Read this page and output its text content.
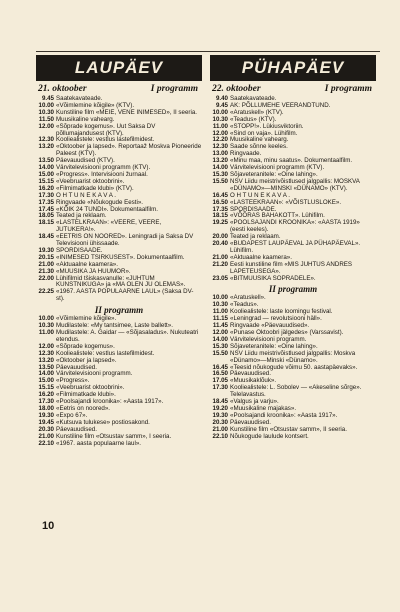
LAUPÄEV
21. oktoober	I programm
9.45 Saatekavateade.
10.00 «Võimlemine kõigile» (KTV).
10.30 Kunstiline film «MEIE, VENE INIMESED», II seeria.
11.50 Muusikaline vahearg.
12.00 «Sõprade kogemus». Uut Saksa DV põllumajandusest (KTV).
12.30 Kooliealistele: vestlus lastefilmidest.
13.20 «Oktoober ja lapsed». Reportaaž Moskva Pioneeride Paleest (KTV).
13.50 Päevauudised (KTV).
14.00 Värvitelevisiooni programm (KTV).
15.00 «Progress». Intervisiooni žurnaal.
15.15 «Veebruarist oktoobrini».
16.20 «Filmimatkade klubi» (KTV).
17.30 O H T U N E K A V A .
17.35 Ringvaade «Nõukogude Eesti».
17.45 «KÕIK 24 TUNDI». Dokumentaalfilm.
18.05 Teated ja reklaam.
18.15 «LASTELKRAAN»: «VEERE, VEERE, JUTUKERA!».
18.45 «EETRIS ON NOORED». Leningradi ja Saksa DV Televisiooni ühissaade.
19.30 SPORDISAADE.
20.15 «INIMESED TSIRKUSEST». Dokumentaalfilm.
21.00 «Aktuaalne kaamera».
21.30 «MUUSIKA JA HUUMOR».
22.00 Lühifilmid tšiskasvanulle: «JUHTUM KUNSTNIKUGA» ja «MA OLEN JU OLEMAS».
22.25 «1967. AASTA POPULAARNE LAUL» (Saksa DV-st).
II programm
10.00 «Võimlemine kõigile».
10.30 Mudilastele: «My tantsimee, Laste ballett».
11.00 Mudilastele: A. Gaidar — «Sõjasaladus». Nukuteatri etendus.
12.00 «Sõprade kogemus».
12.30 Kooliealistele: vestlus lastefilmidest.
13.20 «Oktoober ja lapsed».
13.50 Päevauudised.
14.00 Värvitelevisiooni programm.
15.00 «Progress».
15.15 «Veebruarist oktoobrini».
16.20 «Filmimatkade klubi».
17.30 «Poolsajandi kroonika»: «Aasta 1917».
18.00 «Eetris on noored».
19.30 «Expo 67».
19.45 «Kutsuva tulukese» postiosakond.
20.30 Päevauudised.
21.00 Kunstiline film «Otsustav samm», I seeria.
22.10 «1967. aasta populaarne laul».
PÜHAPÄEV
22. oktoober	I programm
9.40 Saatekavateade.
9.45 AK: PÕLLUMEHE VEERANDTUND.
10.00 «Aratuskell» (KTV).
10.30 «Teadus» (KTV).
11.00 «STOPP!». Lükiusviktoriin.
12.00 «Sind on vaja». Lühifilm.
12.20 Muusikaline vahearg.
12.30 Saade sõnne keeles.
13.00 Ringvaade.
13.20 «Minu maa, minu saatus». Dokumentaalfilm.
14.00 Värvitelevisiooni programm (KTV).
15.30 Sõjaveteranitele: «Oine lahing».
15.50 NSV Liidu meistrivõistlused jalgpallis: MOSKVA «DÜNAMO»—MINSKI «DÜNAMO» (KTV).
16.45 O H T U N E K A V A .
16.50 «LASTEEKRAAN»: «VÕISTLUSLOKE».
17.35 SPORDISAADE.
18.15 «VÕÕRAS BAHAKOTT». Lühifilm.
19.25 «POOLSAJANDI KROONIKA»: «AASTA 1919» (eesti keeles).
20.00 Teated ja reklaam.
20.40 «BUDAPEST LAUPÄEVAL JA PÜHAPÄEVAL». Lühifilm.
21.00 «Aktuaalne kaamera».
21.20 Eesti kunstiline film «MIS JUHTUS ANDRES LAPETEUSEGA».
23.05 «BITMUUSIKA SOPRADELE».
II programm
10.00 «Aratuskell».
10.30 «Teadus».
11.00 Kooliealistele: laste loomingu festival.
11.15 «Leningrad — revolutsiooni häll».
11.45 Ringvaade «Päevauudised».
12.00 «Punase Oktoobri jälgedes» (Varssavist).
14.00 Värvitelevisiooni programm.
15.30 Sõjaveteranitele: «Oine lahing».
15.50 NSV Liidu meistrivõistlused jalgpallis: Moskva «Dünamo»—Minski «Dünamo».
16.45 «Teesid nõukogude võimu 50. aastapäevaks».
16.50 Päevauudised.
17.05 «Muusikaklõuk».
17.30 Kooliealistele: L. Sobolev — «Akeseline sõrge». Telelavastus.
18.45 «Valgus ja varju».
19.20 «Muusikaline majakas».
19.30 «Poolsajandi kroonika»: «Aasta 1917».
20.30 Päevauudised.
21.00 Kunstiline film «Otsustav samm», II seeria.
22.10 Nõukogude laulude kontsert.
10
